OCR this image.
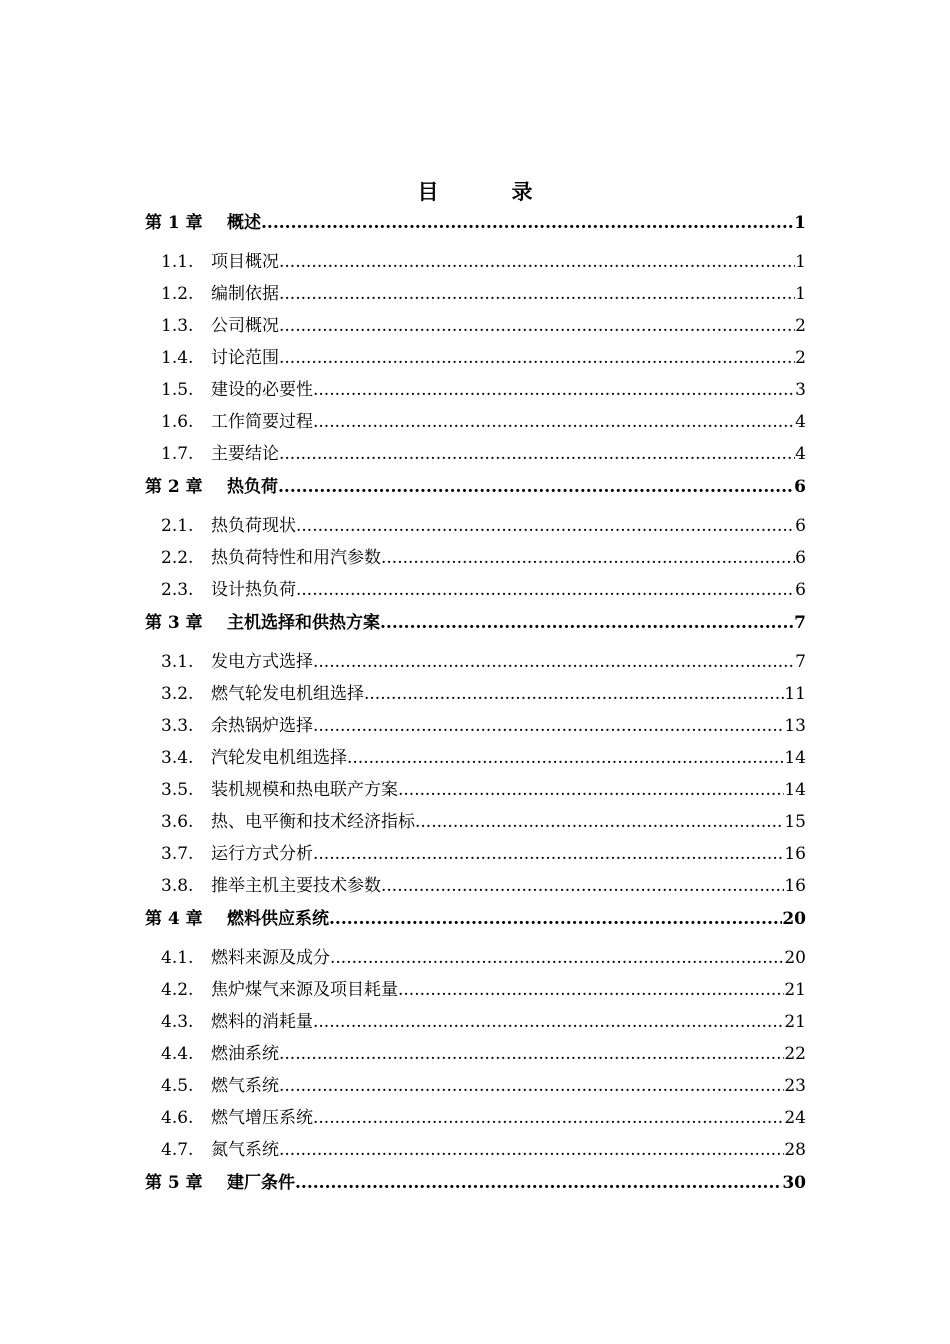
目　录
第 1 章	概述 .....	1
1.1.	项目概况 .....	1
1.2.	编制依据 .....	1
1.3.	公司概况 .....	2
1.4.	讨论范围 .....	2
1.5.	建设的必要性 .....	3
1.6.	工作简要过程 .....	4
1.7.	主要结论 .....	4
第 2 章	热负荷 .....	6
2.1.	热负荷现状 .....	6
2.2.	热负荷特性和用汽参数 .....	6
2.3.	设计热负荷 .....	6
第 3 章	主机选择和供热方案 .....	7
3.1.	发电方式选择 .....	7
3.2.	燃气轮发电机组选择 .....	11
3.3.	余热锅炉选择 .....	13
3.4.	汽轮发电机组选择 .....	14
3.5.	装机规模和热电联产方案 .....	14
3.6.	热、电平衡和技术经济指标 .....	15
3.7.	运行方式分析 .....	16
3.8.	推举主机主要技术参数 .....	16
第 4 章	燃料供应系统 .....	20
4.1.	燃料来源及成分 .....	20
4.2.	焦炉煤气来源及项目耗量 .....	21
4.3.	燃料的消耗量 .....	21
4.4.	燃油系统 .....	22
4.5.	燃气系统 .....	23
4.6.	燃气增压系统 .....	24
4.7.	氮气系统 .....	28
第 5 章	建厂条件 .....	30
